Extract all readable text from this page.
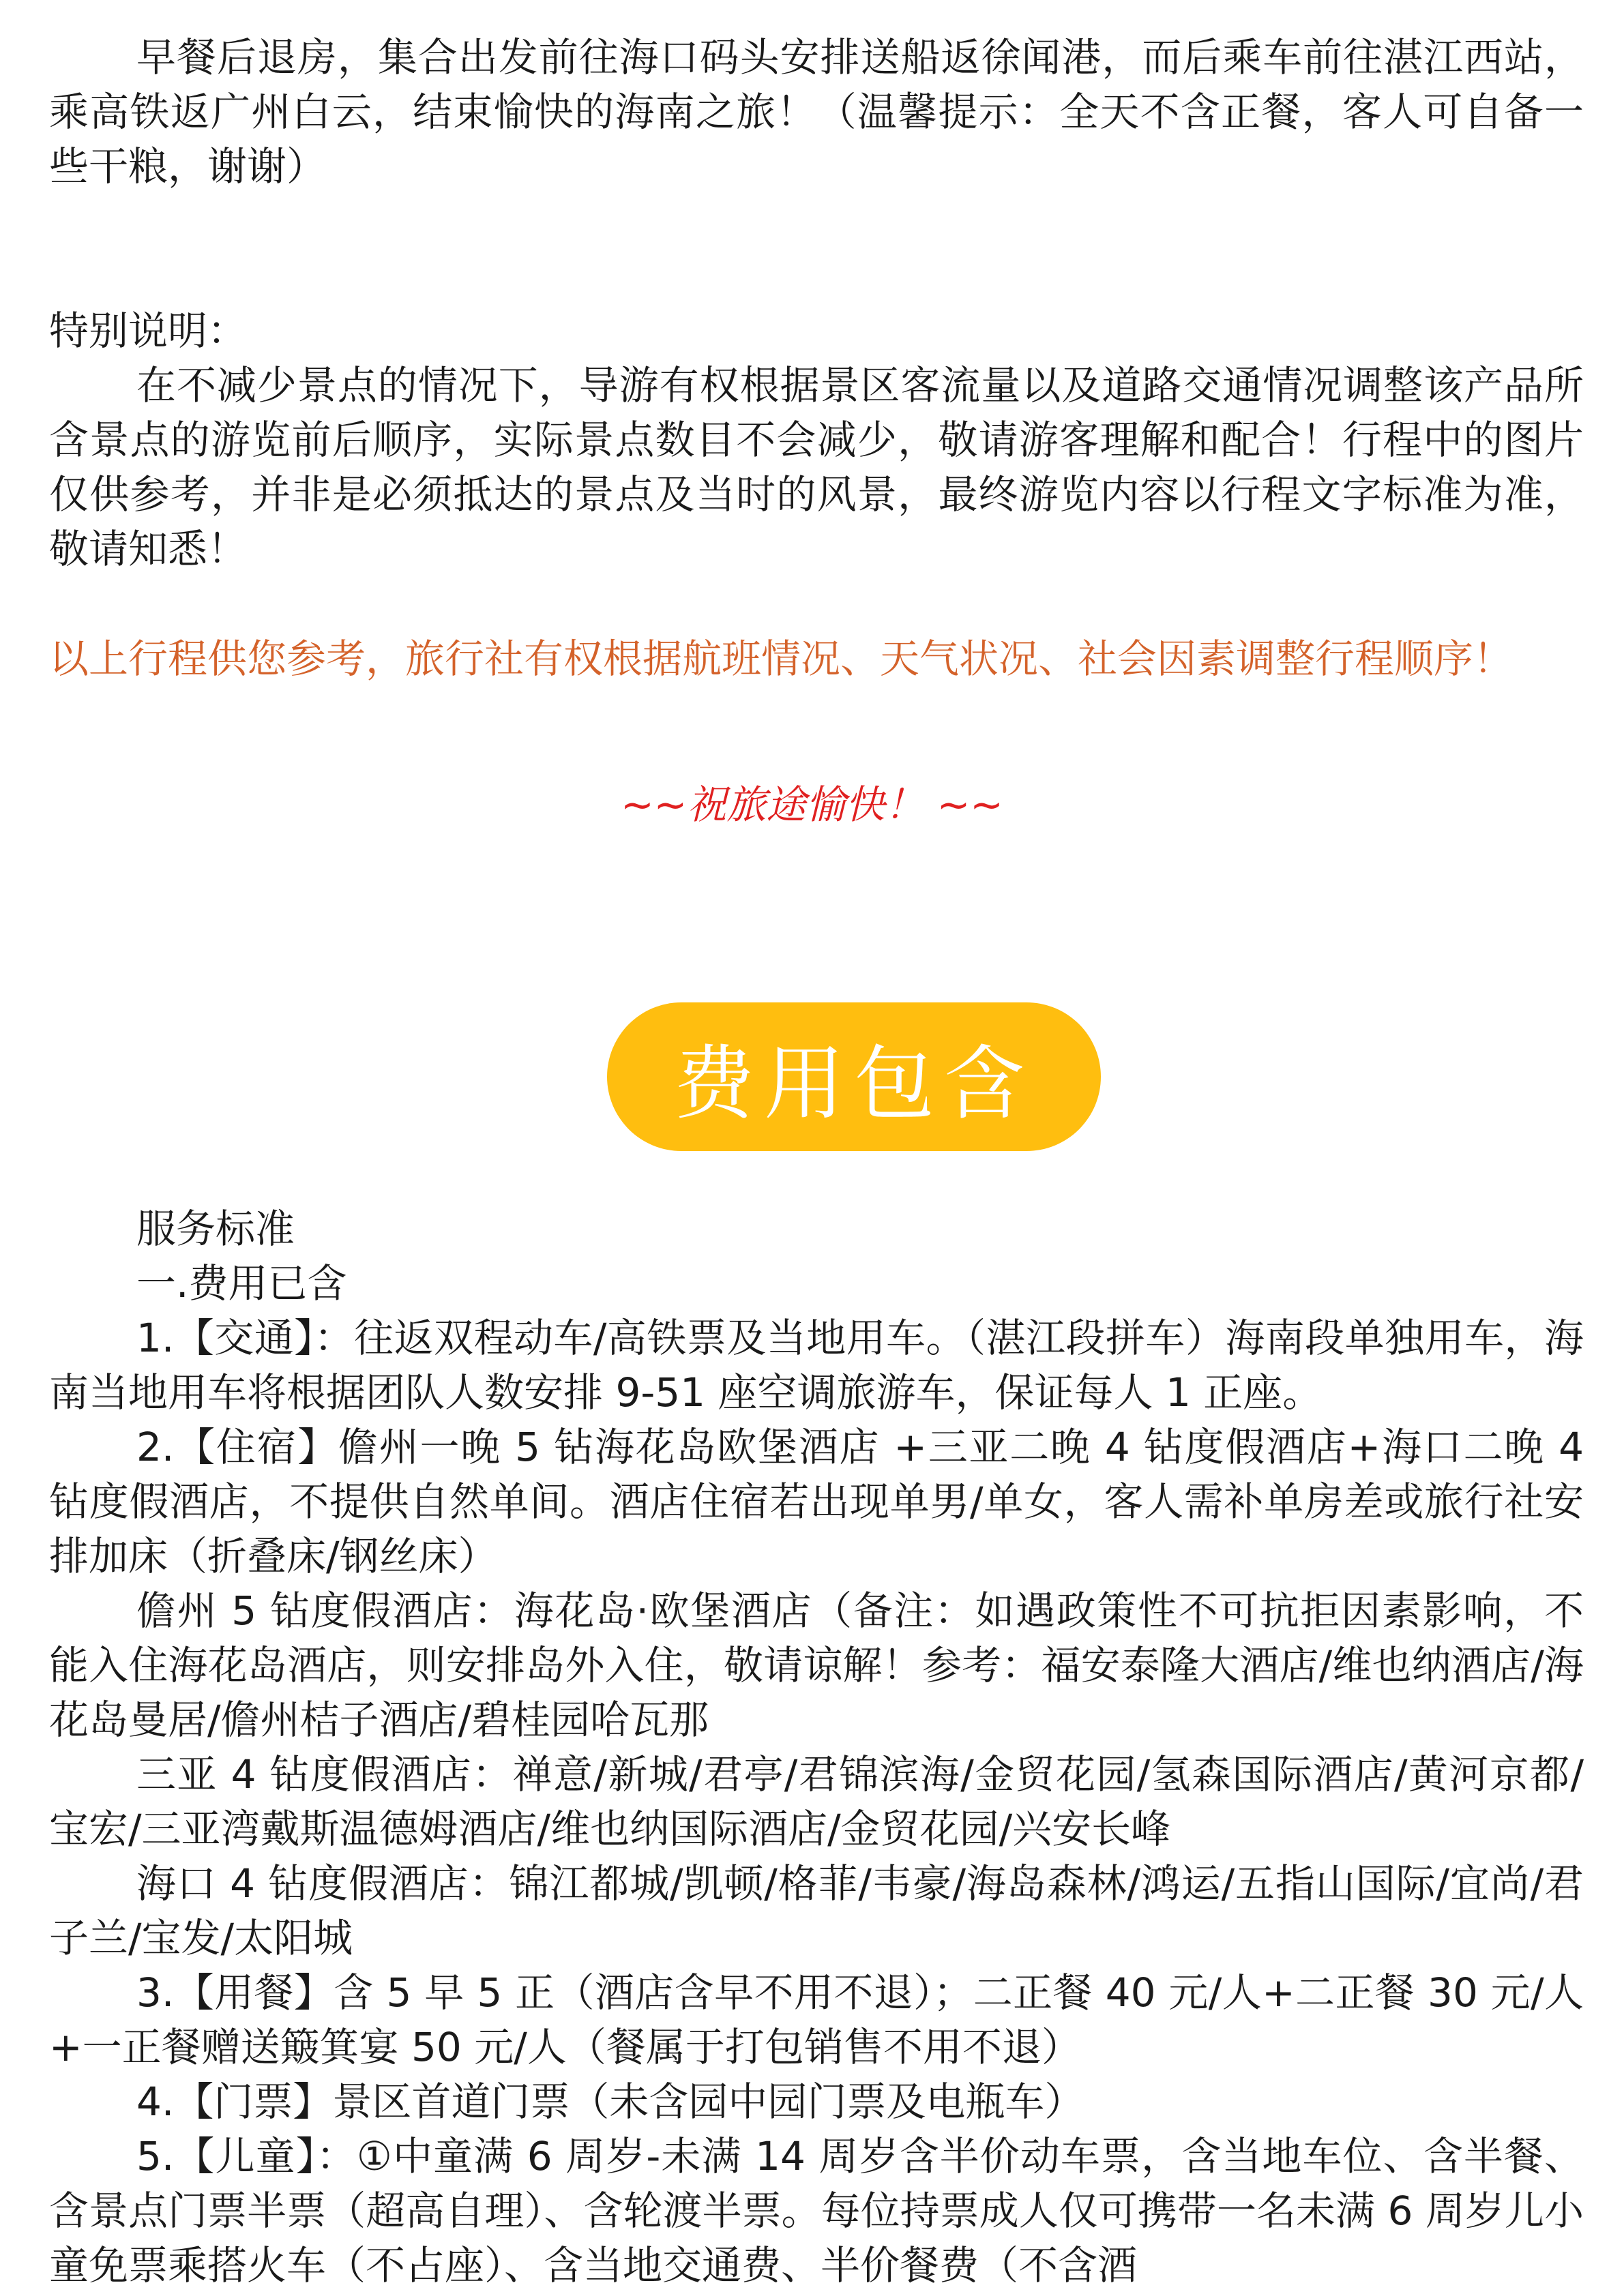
早餐后退房，集合出发前往海口码头安排送船返徐闻港，而后乘车前往湛江西站，乘高铁返广州白云，结束愉快的海南之旅！（温馨提示：全天不含正餐，客人可自备一些干粮，谢谢）

特别说明：

在不减少景点的情况下，导游有权根据景区客流量以及道路交通情况调整该产品所含景点的游览前后顺序，实际景点数目不会减少，敬请游客理解和配合！行程中的图片仅供参考，并非是必须抵达的景点及当时的风景，最终游览内容以行程文字标准为准，敬请知悉！

以上行程供您参考，旅行社有权根据航班情况、天气状况、社会因素调整行程顺序！

~~祝旅途愉快！ ~~
费用包含

服务标准

一.费用已含

1.【交通】：往返双程动车/高铁票及当地用车。（湛江段拼车）海南段单独用车，海南当地用车将根据团队人数安排 9-51 座空调旅游车，保证每人 1 正座。

2.【住宿】儋州一晚 5 钻海花岛欧堡酒店 +三亚二晚 4 钻度假酒店+海口二晚 4 钻度假酒店，不提供自然单间。酒店住宿若出现单男/单女，客人需补单房差或旅行社安排加床（折叠床/钢丝床）

儋州 5 钻度假酒店：海花岛·欧堡酒店（备注：如遇政策性不可抗拒因素影响，不能入住海花岛酒店，则安排岛外入住，敬请谅解！参考：福安泰隆大酒店/维也纳酒店/海花岛曼居/儋州桔子酒店/碧桂园哈瓦那

三亚 4 钻度假酒店：禅意/新城/君亭/君锦滨海/金贸花园/氢森国际酒店/黄河京都/宝宏/三亚湾戴斯温德姆酒店/维也纳国际酒店/金贸花园/兴安长峰

海口 4 钻度假酒店：锦江都城/凯顿/格菲/韦豪/海岛森林/鸿运/五指山国际/宜尚/君子兰/宝发/太阳城

3.【用餐】含 5 早 5 正（酒店含早不用不退）；二正餐 40 元/人+二正餐 30 元/人+一正餐赠送簸箕宴 50 元/人（餐属于打包销售不用不退）

4.【门票】景区首道门票（未含园中园门票及电瓶车）

5.【儿童】：①中童满 6 周岁-未满 14 周岁含半价动车票，含当地车位、含半餐、含景点门票半票（超高自理）、含轮渡半票。每位持票成人仅可携带一名未满 6 周岁儿小童免票乘搭火车（不占座）、含当地交通费、半价餐费（不含酒
